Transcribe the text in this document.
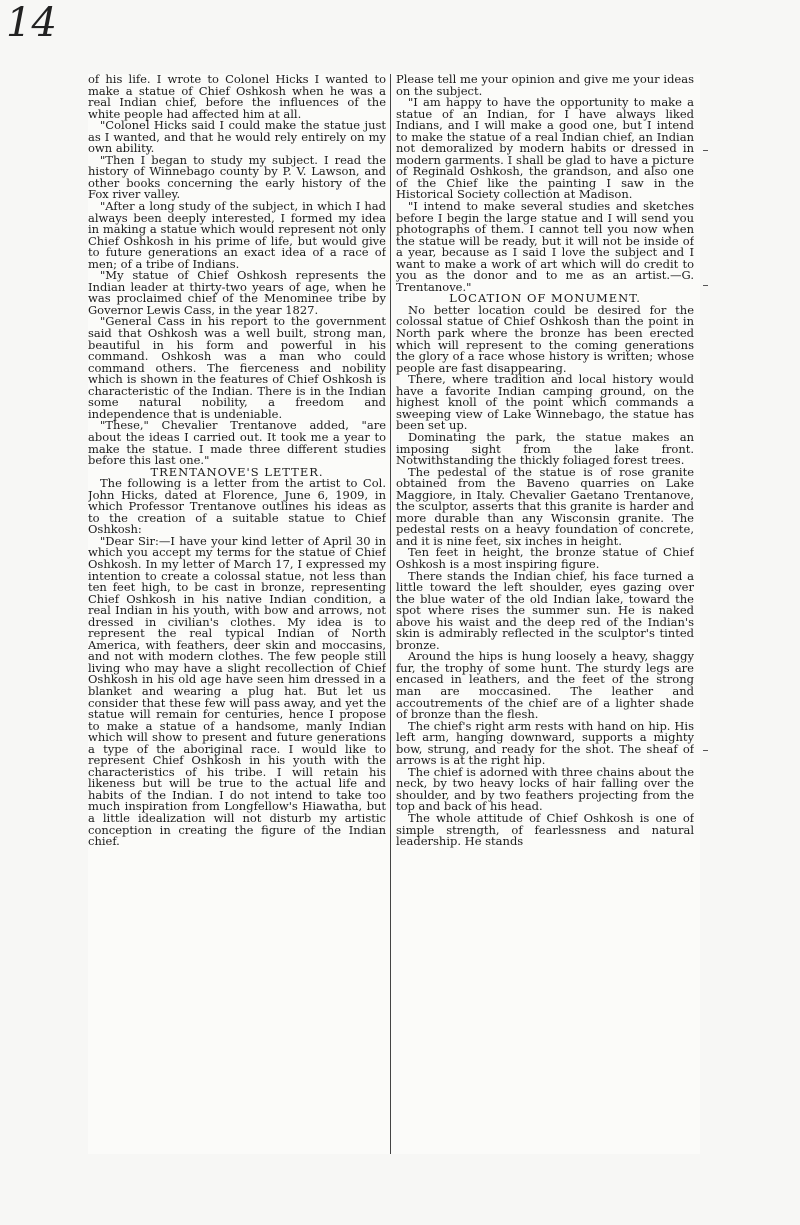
14

of his life. I wrote to Colonel Hicks I wanted to make a statue of Chief Oshkosh when he was a real Indian chief, before the influences of the white people had affected him at all.

"Colonel Hicks said I could make the statue just as I wanted, and that he would rely entirely on my own ability.

"Then I began to study my subject. I read the history of Winnebago county by P. V. Lawson, and other books concerning the early history of the Fox river valley.

"After a long study of the subject, in which I had always been deeply interested, I formed my idea in making a statue which would represent not only Chief Oshkosh in his prime of life, but would give to future generations an exact idea of a race of men; of a tribe of Indians.

"My statue of Chief Oshkosh represents the Indian leader at thirty-two years of age, when he was proclaimed chief of the Menominee tribe by Governor Lewis Cass, in the year 1827.

"General Cass in his report to the government said that Oshkosh was a well built, strong man, beautiful in his form and powerful in his command. Oshkosh was a man who could command others. The fierceness and nobility which is shown in the features of Chief Oshkosh is characteristic of the Indian. There is in the Indian some natural nobility, a freedom and independence that is undeniable.

"These," Chevalier Trentanove added, "are about the ideas I carried out. It took me a year to make the statue. I made three different studies before this last one."

TRENTANOVE'S LETTER.

The following is a letter from the artist to Col. John Hicks, dated at Florence, June 6, 1909, in which Professor Trentanove outlines his ideas as to the creation of a suitable statue to Chief Oshkosh:

"Dear Sir:—I have your kind letter of April 30 in which you accept my terms for the statue of Chief Oshkosh. In my letter of March 17, I expressed my intention to create a colossal statue, not less than ten feet high, to be cast in bronze, representing Chief Oshkosh in his native Indian condition, a real Indian in his youth, with bow and arrows, not dressed in civilian's clothes. My idea is to represent the real typical Indian of North America, with feathers, deer skin and moccasins, and not with modern clothes. The few people still living who may have a slight recollection of Chief Oshkosh in his old age have seen him dressed in a blanket and wearing a plug hat. But let us consider that these few will pass away, and yet the statue will remain for centuries, hence I propose to make a statue of a handsome, manly Indian which will show to present and future generations a type of the aboriginal race. I would like to represent Chief Oshkosh in his youth with the characteristics of his tribe. I will retain his likeness but will be true to the actual life and habits of the Indian. I do not intend to take too much inspiration from Longfellow's Hiawatha, but a little idealization will not disturb my artistic conception in creating the figure of the Indian chief.

Please tell me your opinion and give me your ideas on the subject.

"I am happy to have the opportunity to make a statue of an Indian, for I have always liked Indians, and I will make a good one, but I intend to make the statue of a real Indian chief, an Indian not demoralized by modern habits or dressed in modern garments. I shall be glad to have a picture of Reginald Oshkosh, the grandson, and also one of the Chief like the painting I saw in the Historical Society collection at Madison.

"I intend to make several studies and sketches before I begin the large statue and I will send you photographs of them. I cannot tell you now when the statue will be ready, but it will not be inside of a year, because as I said I love the subject and I want to make a work of art which will do credit to you as the donor and to me as an artist.—G. Trentanove."

LOCATION OF MONUMENT.

No better location could be desired for the colossal statue of Chief Oshkosh than the point in North park where the bronze has been erected which will represent to the coming generations the glory of a race whose history is written; whose people are fast disappearing.

There, where tradition and local history would have a favorite Indian camping ground, on the highest knoll of the point which commands a sweeping view of Lake Winnebago, the statue has been set up.

Dominating the park, the statue makes an imposing sight from the lake front. Notwithstanding the thickly foliaged forest trees.

The pedestal of the statue is of rose granite obtained from the Baveno quarries on Lake Maggiore, in Italy. Chevalier Gaetano Trentanove, the sculptor, asserts that this granite is harder and more durable than any Wisconsin granite. The pedestal rests on a heavy foundation of concrete, and it is nine feet, six inches in height.

Ten feet in height, the bronze statue of Chief Oshkosh is a most inspiring figure.

There stands the Indian chief, his face turned a little toward the left shoulder, eyes gazing over the blue water of the old Indian lake, toward the spot where rises the summer sun. He is naked above his waist and the deep red of the Indian's skin is admirably reflected in the sculptor's tinted bronze.

Around the hips is hung loosely a heavy, shaggy fur, the trophy of some hunt. The sturdy legs are encased in leathers, and the feet of the strong man are moccasined. The leather and accoutrements of the chief are of a lighter shade of bronze than the flesh.

The chief's right arm rests with hand on hip. His left arm, hanging downward, supports a mighty bow, strung, and ready for the shot. The sheaf of arrows is at the right hip.

The chief is adorned with three chains about the neck, by two heavy locks of hair falling over the shoulder, and by two feathers projecting from the top and back of his head.

The whole attitude of Chief Oshkosh is one of simple strength, of fearlessness and natural leadership. He stands
